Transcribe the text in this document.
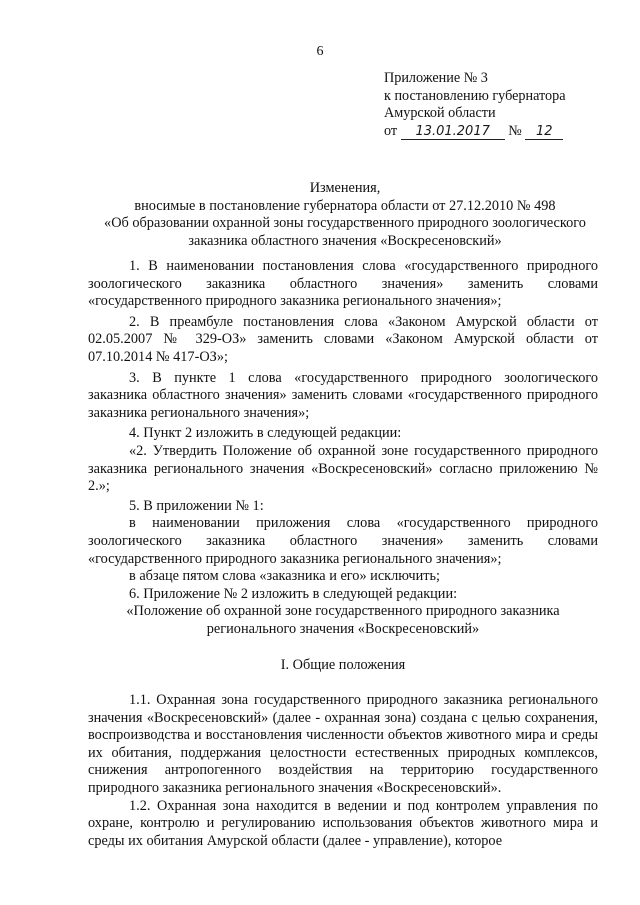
6
Приложение № 3
к постановлению губернатора
Амурской области
от 13.01.2017 № 12
Изменения,
вносимые в постановление губернатора области от 27.12.2010 № 498
«Об образовании охранной зоны государственного природного зоологического заказника областного значения «Воскресеновский»

1. В наименовании постановления слова «государственного природного зоологического заказника областного значения» заменить словами «государственного природного заказника регионального значения»;

2. В преамбуле постановления слова «Законом Амурской области от 02.05.2007 № 329-ОЗ» заменить словами «Законом Амурской области от 07.10.2014 № 417-ОЗ»;

3. В пункте 1 слова «государственного природного зоологического заказника областного значения» заменить словами «государственного природного заказника регионального значения»;

4. Пункт 2 изложить в следующей редакции:

«2. Утвердить Положение об охранной зоне государственного природного заказника регионального значения «Воскресеновский» согласно приложению № 2.»;

5. В приложении № 1:

в наименовании приложения слова «государственного природного зоологического заказника областного значения» заменить словами «государственного природного заказника регионального значения»;

в абзаце пятом слова «заказника и его» исключить;

6. Приложение № 2 изложить в следующей редакции:

«Положение об охранной зоне государственного природного заказника регионального значения «Воскресеновский»

I. Общие положения

1.1. Охранная зона государственного природного заказника регионального значения «Воскресеновский» (далее - охранная зона) создана с целью сохранения, воспроизводства и восстановления численности объектов животного мира и среды их обитания, поддержания целостности естественных природных комплексов, снижения антропогенного воздействия на территорию государственного природного заказника регионального значения «Воскресеновский».

1.2. Охранная зона находится в ведении и под контролем управления по охране, контролю и регулированию использования объектов животного мира и среды их обитания Амурской области (далее - управление), которое
